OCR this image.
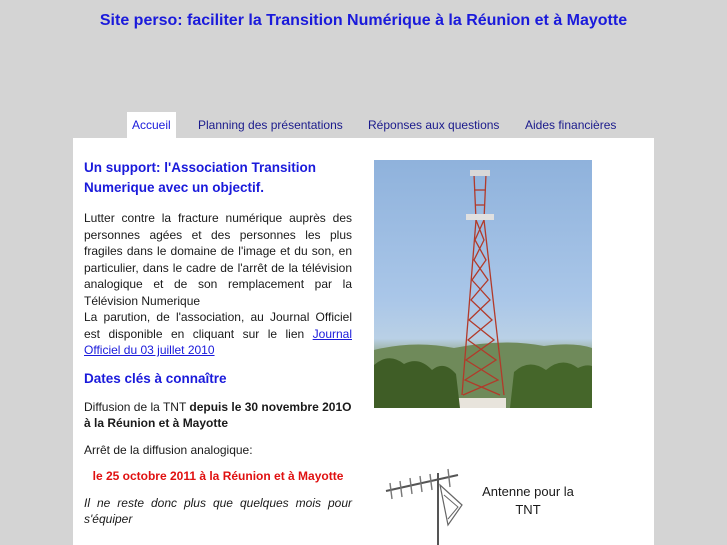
Site perso: faciliter la Transition Numérique à la Réunion et à Mayotte
Accueil	Planning des présentations Réponses aux questions Aides financières
Un support: l'Association Transition Numerique avec un objectif.
Lutter contre la fracture numérique auprès des personnes agées et des personnes les plus fragiles dans le domaine de l'image et du son, en particulier, dans le cadre de l'arrêt de la télévision analogique et de son remplacement par la Télévision Numerique
La parution, de l'association, au Journal Officiel est disponible en cliquant sur le lien Journal Officiel du 03 juillet 2010
Dates clés à connaître
Diffusion de la TNT depuis le 30 novembre 201O à la Réunion et à Mayotte
Arrêt de la diffusion analogique:
le 25 octobre 2011 à la Réunion et à Mayotte
Il ne reste donc plus que quelques mois pour s'équiper
Antenne pour la TNT
